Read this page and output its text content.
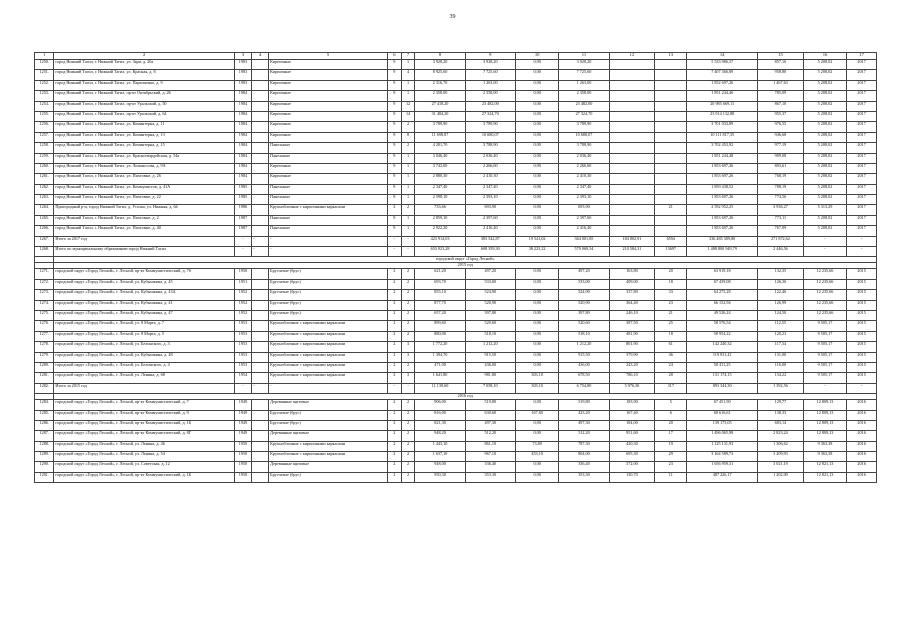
39
1	2	3	4	5	6	7	8	9	10	11	12	13	14	15	16	17
1250.	город Нижний Тагил, г. Нижний Тагил, ул. Зари, д. 20а	1983		Кирпичные	9	1	3 928,20	3 928,20	0,00	3 928,20			5 533 986,37	857,16	5 208,02	2017
1251.	город Нижний Тагил, г. Нижний Тагил, ул. Красная, д. 8	1983		Кирпичные	9	4	8 925,60	7 725,60	0,00	7 725,60			7 407 366,89	958,80	5 208,02	2017
1252.	город Нижний Тагил, г. Нижний Тагил, ул. Пархоменко, д. 9	1983		Кирпичные	9	1	2 316,70	1 263,00	0,00	1 263,00			1 852 697,26	1 467,63	5 208,02	2017
1253.	город Нижний Тагил, г. Нижний Тагил, пр-кт Октябрьский, д. 26	1984		Кирпичные	9	1	2 358,00	2 358,00	0,00	2 358,00			1 851 244,46	785,09	5 208,02	2017
1254.	город Нижний Тагил, г. Нижний Тагил, пр-кт Уральский, д. 50	1984		Кирпичные	9	12	27 418,20	23 482,00	0,00	23 482,00			20 985 669,11	867,10	5 208,02	2017
1255.	город Нижний Тагил, г. Нижний Тагил, пр-кт Уральский, д. 64	1984		Кирпичные	9	14	31 484,20	27 324,70	0,00	27 324,70			23 914 132,88	955,37	5 208,02	2017
1256.	город Нижний Тагил, г. Нижний Тагил, ул. Коминтерна, д. 11	1984		Кирпичные	9	2	3 789,90	3 789,90	0,00	3 789,90			3 701 033,89	976,55	5 208,02	2017
1257.	город Нижний Тагил, г. Нижний Тагил, ул. Коминтерна, д. 13	1984		Кирпичные	9	8	11 698,87	10 680,07	0,00	10 680,07			10 111 817,35	946,68	5 208,02	2017
1258.	город Нижний Тагил, г. Нижний Тагил, ул. Коминтерна, д. 15	1984		Панельные	9	2	4 201,70	3 788,90	0,00	3 788,90			3 702 453,92	977,19	5 208,02	2017
1259.	город Нижний Тагил, г. Нижний Тагил, ул. Красногвардейская, д. 54а	1984		Панельные	9	1	3 046,40	2 036,40	0,00	2 036,40			1 851 244,48	909,08	5 208,02	2017
1260.	город Нижний Тагил, г. Нижний Тагил, ул. Ломоносова, д. 9А	1984		Кирпичные	9	1	3 742,00	2 266,60	0,00	2 266,60			1 853 697,26	803,61	5 208,02	2017
1261.	город Нижний Тагил, г. Нижний Тагил, ул. Пихтовые, д. 26	1984		Кирпичные	9	1	2 880,30	2 410,30	0,00	2 410,30			1 853 697,26	768,19	5 208,02	2017
1262.	город Нижний Тагил, г. Нижний Тагил, ул. Коммунистов, д. 41А	1985		Панельные	9	1	2 347,40	2 347,40	0,00	2 347,40			1 859 438,52	788,19	5 208,02	2017
1263.	город Нижний Тагил, г. Нижний Тагил, ул. Пихтовые, д. 22	1985		Панельные	9	1	2 598,10	2 393,10	0,00	2 393,10			1 853 697,26	774,56	5 208,02	2017
1264.	Пригородный р-н, город Нижний Тагил, д. Усолка, ул. Нижняя, д. 64	1986		Крупноблочные с кирпичными каркасами	2	2	733,66	693,90	0,00	693,90		21	2 592 952,25	3 936,27	5 313,29	2017
1265.	город Нижний Тагил, г. Нижний Тагил, ул. Пихтовые, д. 2	1987		Панельные	9	1	2 859,10	2 397,60	0,00	2 397,60			1 853 697,26	773,11	5 208,02	2017
1266.	город Нижний Тагил, г. Нижний Тагил, ул. Пихтовые, д. 40	1987		Панельные	9	1	2 922,20	2 416,40	0,00	2 416,40			1 853 697,26	767,09	5 208,02	2017
1267.	Итого за 2017 год	-	-	-	-	-	423 914,03	383 542,87	19 541,02	364 001,85	184 002,91	6594	336 485 309,80	271 872,62	-	-
1268.	Итого по муниципальному образованию город Нижний Тагил	-	-	-	-	-	653 923,28	608 359,30	38 223,22	570 069,54	210 584,31	13697	1 488 800 949,79	2 446,56	-	-
	городской округ «Город Лесной»															
	2015 год															
1271.	городской округ «Город Лесной», г. Лесной, пр-кт Коммунистический, д. 76	1950		Брусчатые (брус)	2	2	621,20	497,20	0,00	497,20	163,80	20	63 919,18	132,35	12 235,66	2015
1272.	городской округ «Город Лесной», г. Лесной, ул. Кубышкина, д. 45	1951		Брусчатые (брус)	2	2	693,70	533,00	0,00	533,00	409,00	18	67 439,08	126,36	12 235,66	2015
1273.	городской округ «Город Лесной», г. Лесной, ул. Кубышкина, д. 43А	1952		Брусчатые (брус)	2	2	855,10	524,90	0,00	524,90	337,80	33	64 275,28	122,46	12 235,66	2015
1274.	городской округ «Город Лесной», г. Лесной, ул. Кубышкина, д. 41	1952		Брусчатые (брус)	2	2	877,70	520,90	0,00	520,90	364,40	23	66 152,94	126,99	12 235,66	2015
1275.	городской округ «Город Лесной», г. Лесной, ул. Кубышкина, д. 47	1952		Брусчатые (брус)	2	2	657,20	397,80	0,00	397,80	246,10	21	49 526,24	124,50	12 235,66	2015
1276.	городской округ «Город Лесной», г. Лесной, ул. 8 Марта, д. 7	1953		Крупноблочные с кирпичными каркасами	2	2	899,60	520,60	0,00	520,60	387,50	25	58 576,54	112,55	9 505,17	2015
1277.	городской округ «Город Лесной», г. Лесной, ул. 8 Марта, д. 5	1953		Крупноблочные с кирпичными каркасами	2	2	880,00	518,10	0,00	518,10	481,90	18	58 954,22	120,23	9 505,17	2015
1278.	городской округ «Город Лесной», г. Лесной, ул. Белинского, д. 3	1953		Крупноблочные с кирпичными каркасами	2	3	1 772,20	1 212,20	0,00	1 212,20	801,90	61	142 240,32	117,34	9 505,17	2015
1279.	городской округ «Город Лесной», г. Лесной, ул. Кубышкина, д. 48	1953		Крупноблочные с кирпичными каркасами	2	3	1 394,70	915,50	0,00	915,50	379,90	46	119 931,41	131,00	9 505,17	2015
1280.	городской округ «Город Лесной», г. Лесной, ул. Белинского, д. 4	1953		Крупноблочные с кирпичными каркасами	2	2	471,00	436,00	0,00	436,00	243,20	24	50 411,25	116,00	9 505,17	2015
1281.	городской округ «Город Лесной», г. Лесной, ул. Ленина, д. 68	1954		Крупноблочные с кирпичными каркасами	2	3	1 641,80	981,80	303,10	678,50	786,10	28	131 174,15	134,22	9 505,17	2015
1282.	Итого за 2015 год	-	-	-	-	-	11 139,60	7 058,10	303,10	6 754,80	5 976,30	317	893 344,30	1 392,56	-	-
	2016 год															
1284.	городской округ «Город Лесной», г. Лесной, пр-кт Коммунистический, д. 7	1949		Деревянные щитовые	2	2	906,00	519,80	0,00	519,80	183,90	5	67 451,90	129,77	12 809,13	2016
1285.	городской округ «Город Лесной», г. Лесной, пр-кт Коммунистический, д. 9	1949		Брусчатые (брус)	2	2	816,00	630,60	167,60	423,20	167,40	6	68 616,61	138,33	12 809,13	2016
1286.	городской округ «Город Лесной», г. Лесной, пр-кт Коммунистический, д. 1Б	1949		Брусчатые (брус)	2	2	821,30	497,30	0,00	497,30	184,00	20	139 175,05	683,14	12 809,13	2016
1287.	городской округ «Город Лесной», г. Лесной, пр-кт Коммунистический, д. 8Г	1949		Деревянные щитовые	2	2	948,20	512,20	0,00	512,20	951,60	17	1 496 065,98	2 823,24	12 809,13	2016
1288.	городской округ «Город Лесной», г. Лесной, ул. Ленина, д. 46	1950		Крупноблочные с кирпичными каркасами	2	2	1 443,10	861,10	73,80	787,30	420,30	19	1 125 131,93	1 306,62	9 363,38	2016
1289.	городской округ «Город Лесной», г. Лесной, ул. Ленина, д. 54	1950		Крупноблочные с кирпичными каркасами	2	2	1 637,10	967,10	453,10	804,00	695,30	29	3 164 589,73	3 209,93	9 363,38	2016
1290.	городской округ «Город Лесной», г. Лесной, ул. Советская, д. 12	1950		Деревянные щитовые	2	2	948,00	336,40	0,00	336,40	372,00	23	1 656 959,31	3 021,19	12 821,13	2016
1291.	городской округ «Город Лесной», г. Лесной, пр-кт Коммунистический, д. 1Б	1950		Брусчатые (брус)	2	2	950,30	353,30	0,00	353,30	130,70	11	487 226,17	1 202,00	12 821,13	2016
